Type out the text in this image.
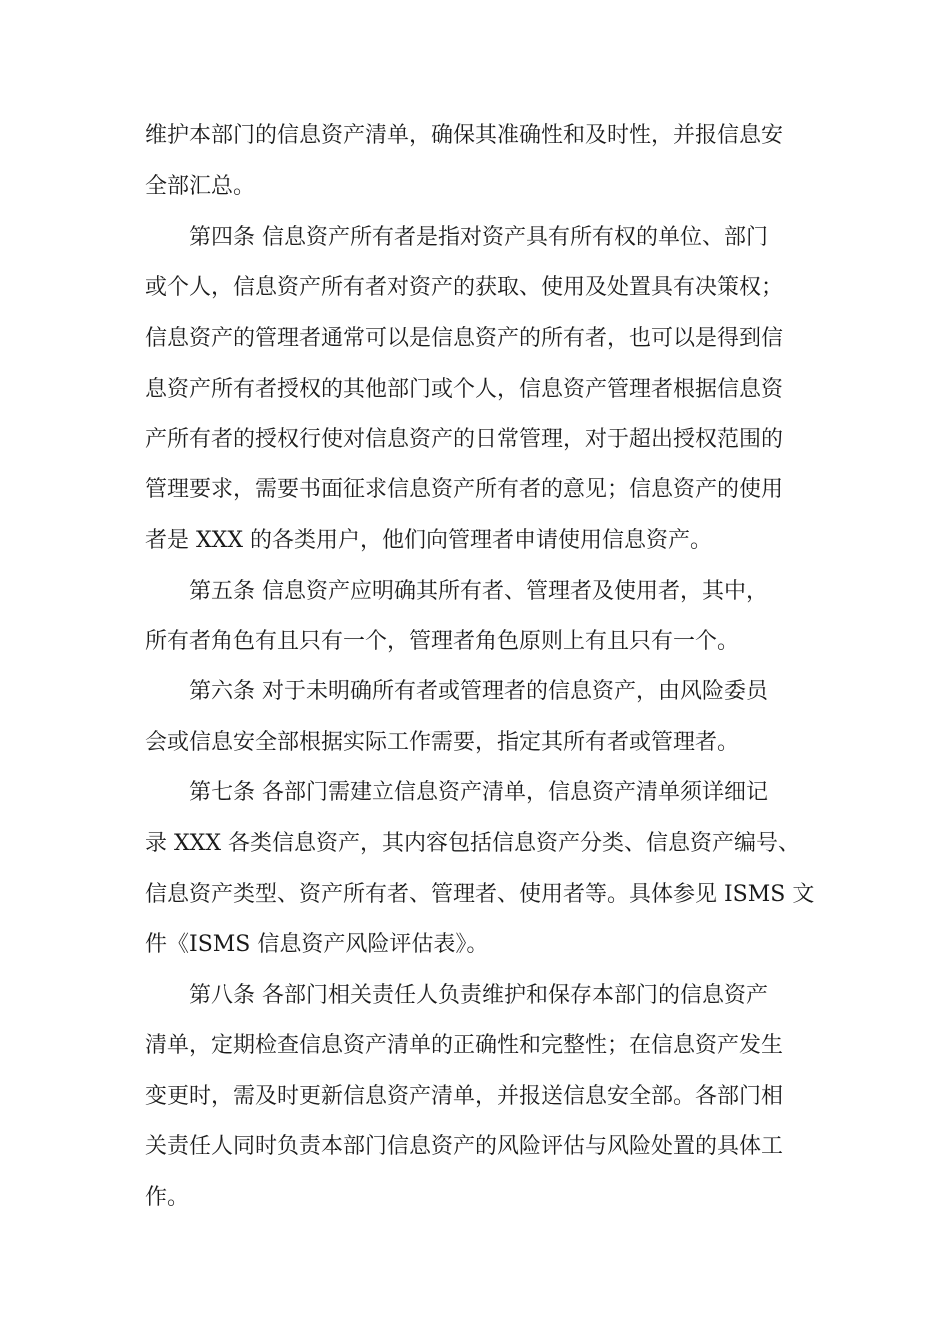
维护本部门的信息资产清单，确保其准确性和及时性，并报信息安
全部汇总。
第四条 信息资产所有者是指对资产具有所有权的单位、部门
或个人，信息资产所有者对资产的获取、使用及处置具有决策权；
信息资产的管理者通常可以是信息资产的所有者，也可以是得到信
息资产所有者授权的其他部门或个人，信息资产管理者根据信息资
产所有者的授权行使对信息资产的日常管理，对于超出授权范围的
管理要求，需要书面征求信息资产所有者的意见；信息资产的使用
者是 XXX 的各类用户，他们向管理者申请使用信息资产。
第五条 信息资产应明确其所有者、管理者及使用者，其中，
所有者角色有且只有一个，管理者角色原则上有且只有一个。
第六条 对于未明确所有者或管理者的信息资产，由风险委员
会或信息安全部根据实际工作需要，指定其所有者或管理者。
第七条 各部门需建立信息资产清单，信息资产清单须详细记
录 XXX 各类信息资产，其内容包括信息资产分类、信息资产编号、
信息资产类型、资产所有者、管理者、使用者等。具体参见 ISMS 文
件《ISMS 信息资产风险评估表》。
第八条 各部门相关责任人负责维护和保存本部门的信息资产
清单，定期检查信息资产清单的正确性和完整性；在信息资产发生
变更时，需及时更新信息资产清单，并报送信息安全部。各部门相
关责任人同时负责本部门信息资产的风险评估与风险处置的具体工
作。
